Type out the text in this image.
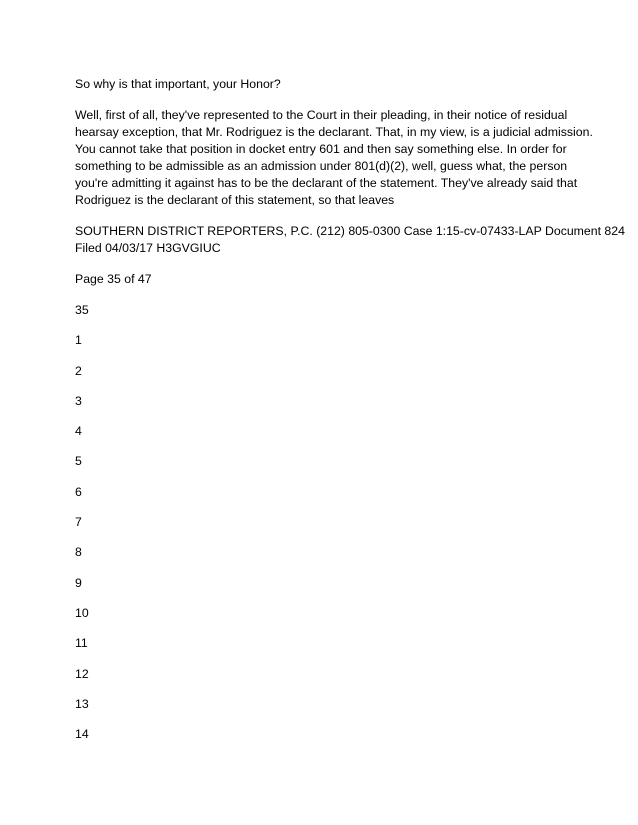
So why is that important, your Honor?

Well, first of all, they've represented to the Court in their pleading, in their notice of residual
hearsay exception, that Mr. Rodriguez is the declarant. That, in my view, is a judicial admission.
You cannot take that position in docket entry 601 and then say something else. In order for
something to be admissible as an admission under 801(d)(2), well, guess what, the person
you're admitting it against has to be the declarant of the statement. They've already said that
Rodriguez is the declarant of this statement, so that leaves

SOUTHERN DISTRICT REPORTERS, P.C. (212) 805-0300 Case 1:15-cv-07433-LAP Document 824
Filed 04/03/17 H3GVGIUC

Page 35 of 47

35
1
2
3
4
5
6
7
8
9
10
11
12
13
14
